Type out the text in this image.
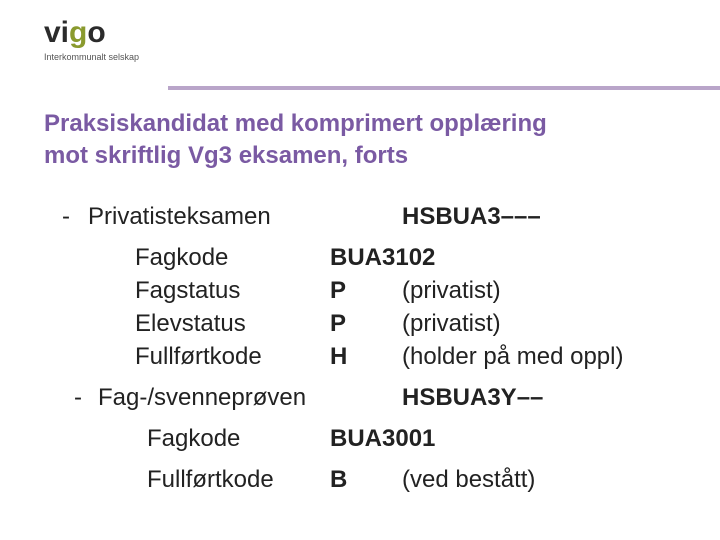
vigo
Interkommunalt selskap
Praksiskandidat med komprimert opplæring
mot skriftlig Vg3 eksamen, forts
- Privatisteksamen	HSBUA3–––
Fagkode	BUA3102
Fagstatus	P (privatist)
Elevstatus	P (privatist)
Fullførtkode	H (holder på med oppl)
- Fag-/svenneprøven	HSBUA3Y––
Fagkode	BUA3001
Fullførtkode B (ved bestått)
